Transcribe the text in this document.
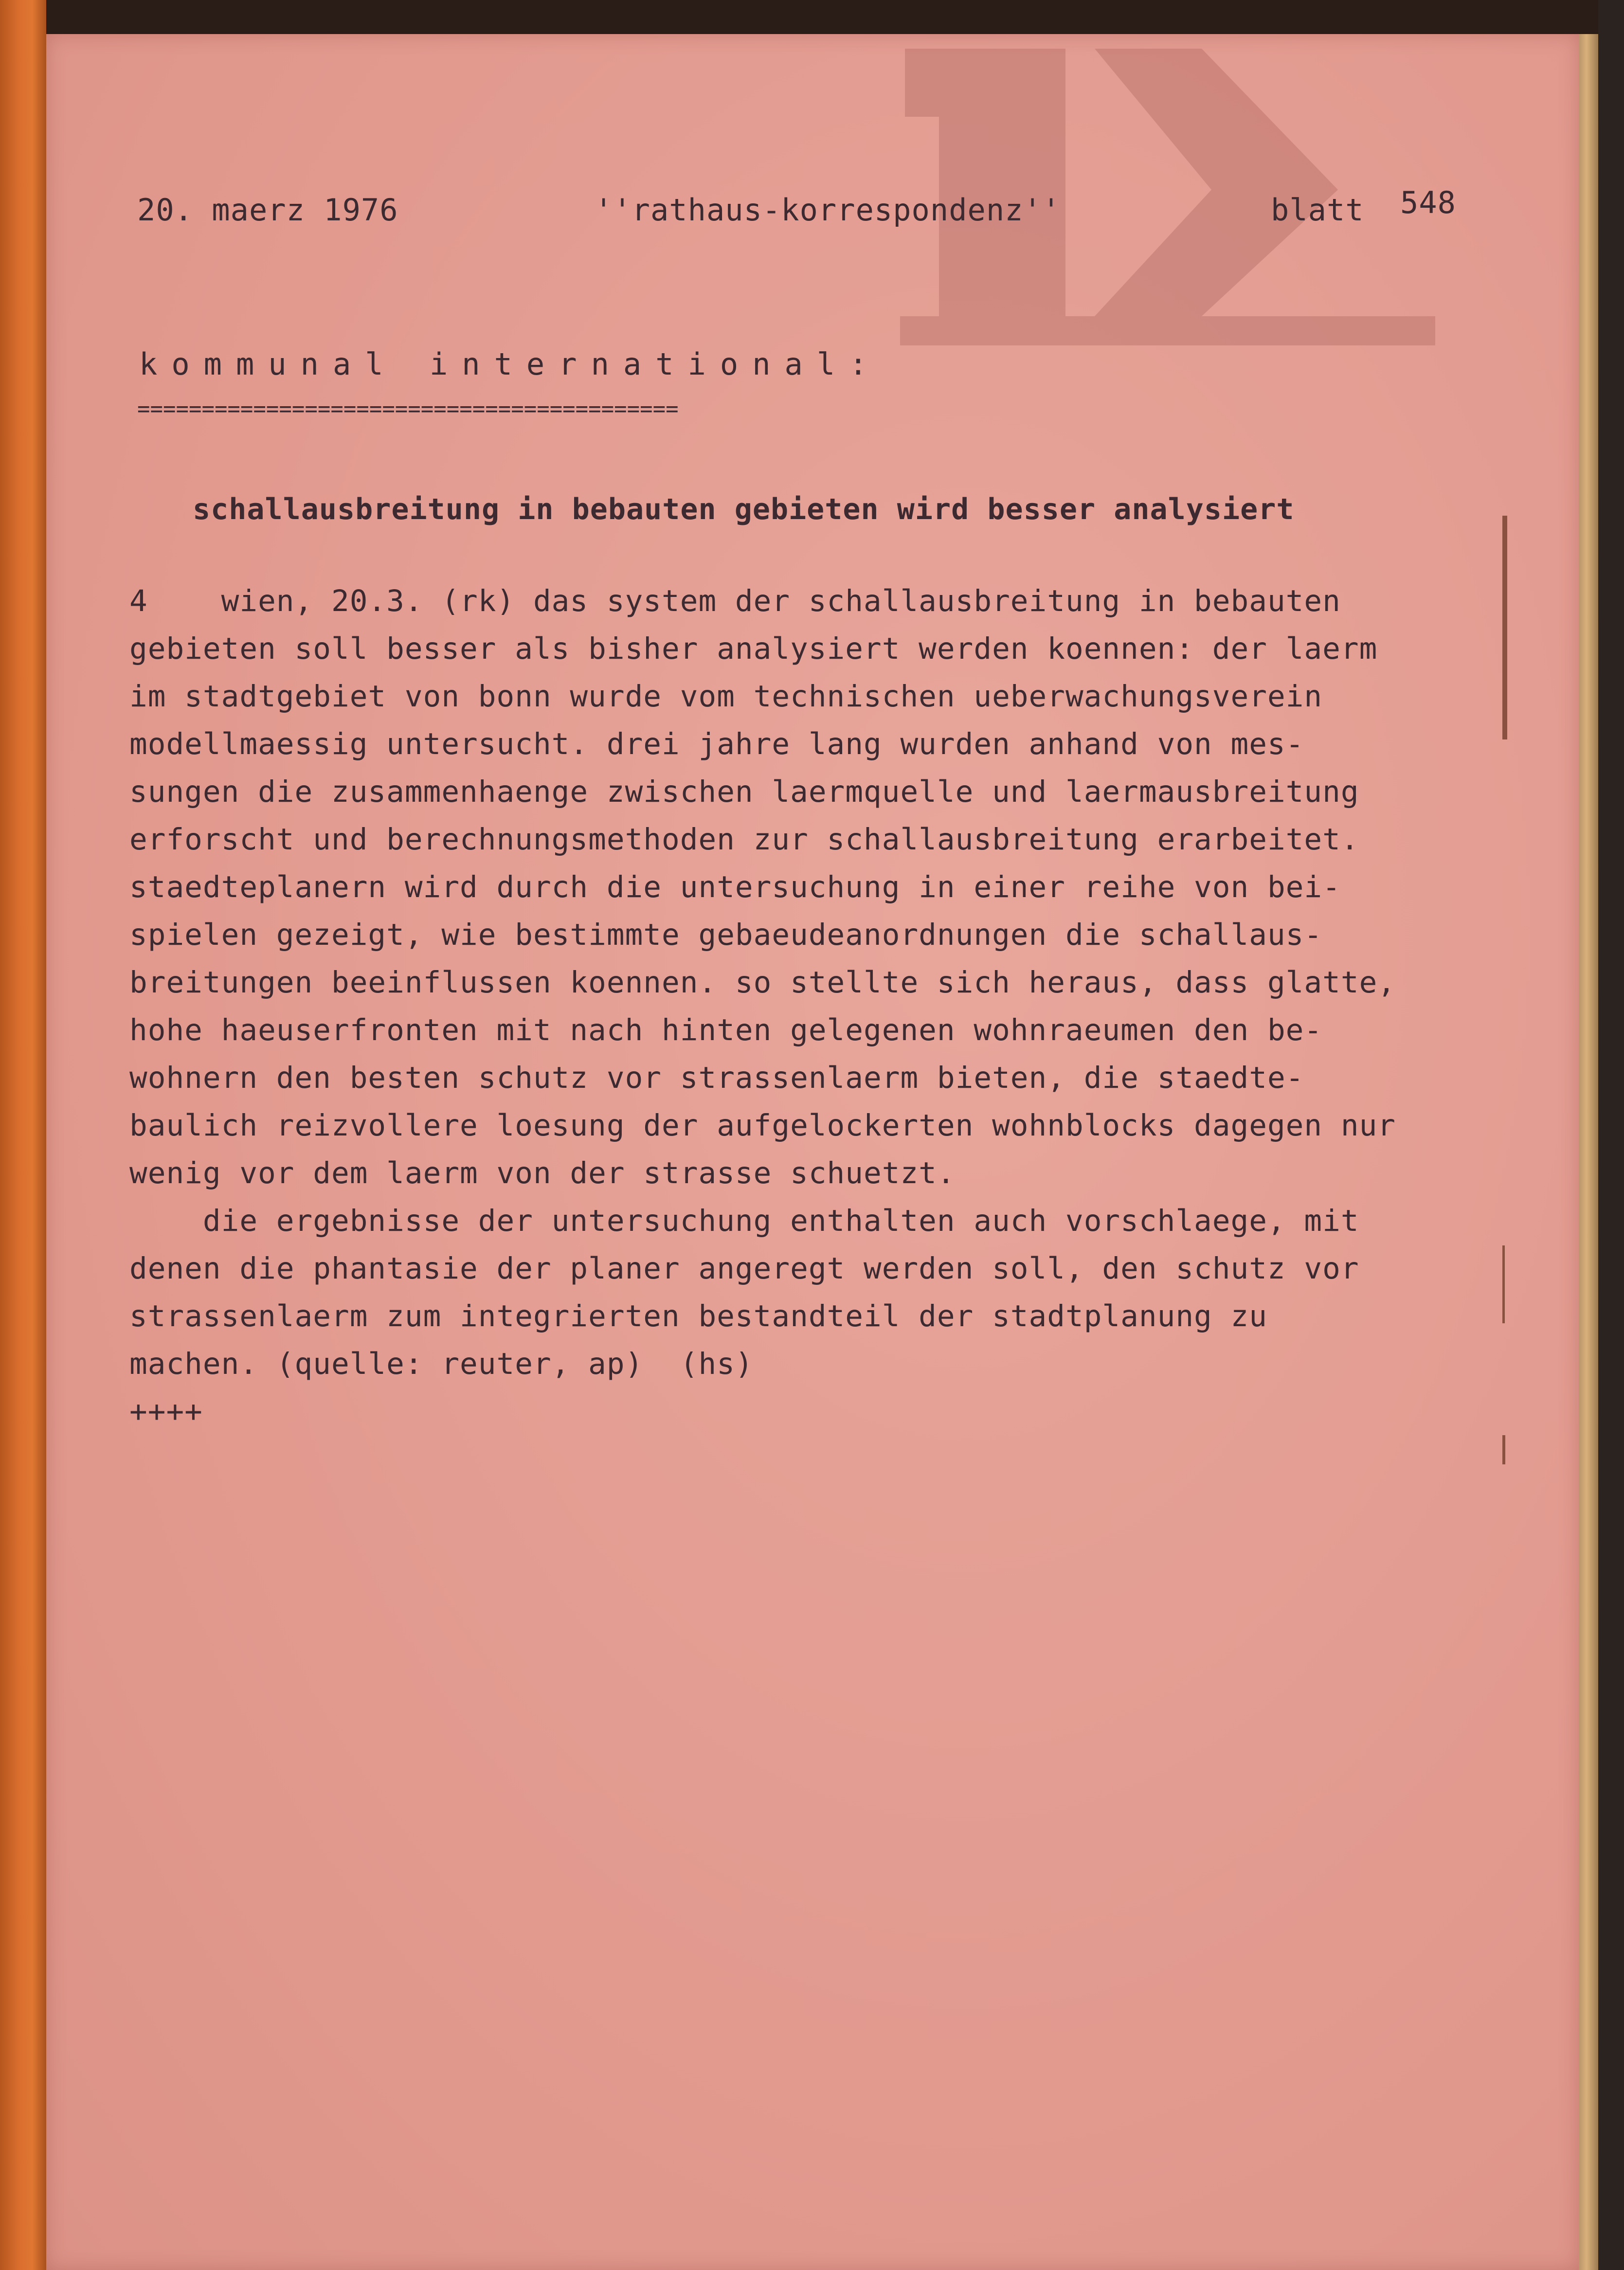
20. maerz 1976	''rathaus-korrespondenz''	blatt 548
kommunal international:
==========================================
schallausbreitung in bebauten gebieten wird besser analysiert
4    wien, 20.3. (rk) das system der schallausbreitung in bebauten
gebieten soll besser als bisher analysiert werden koennen: der laerm
im stadtgebiet von bonn wurde vom technischen ueberwachungsverein
modellmaessig untersucht. drei jahre lang wurden anhand von mes-
sungen die zusammenhaenge zwischen laermquelle und laermausbreitung
erforscht und berechnungsmethoden zur schallausbreitung erarbeitet.
staedteplanern wird durch die untersuchung in einer reihe von bei-
spielen gezeigt, wie bestimmte gebaeudeanordnungen die schallaus-
breitungen beeinflussen koennen. so stellte sich heraus, dass glatte,
hohe haeuserfronten mit nach hinten gelegenen wohnraeumen den be-
wohnern den besten schutz vor strassenlaerm bieten, die staedte-
baulich reizvollere loesung der aufgelockerten wohnblocks dagegen nur
wenig vor dem laerm von der strasse schuetzt.
die ergebnisse der untersuchung enthalten auch vorschlaege, mit
denen die phantasie der planer angeregt werden soll, den schutz vor
strassenlaerm zum integrierten bestandteil der stadtplanung zu
machen. (quelle: reuter, ap)  (hs)
++++
